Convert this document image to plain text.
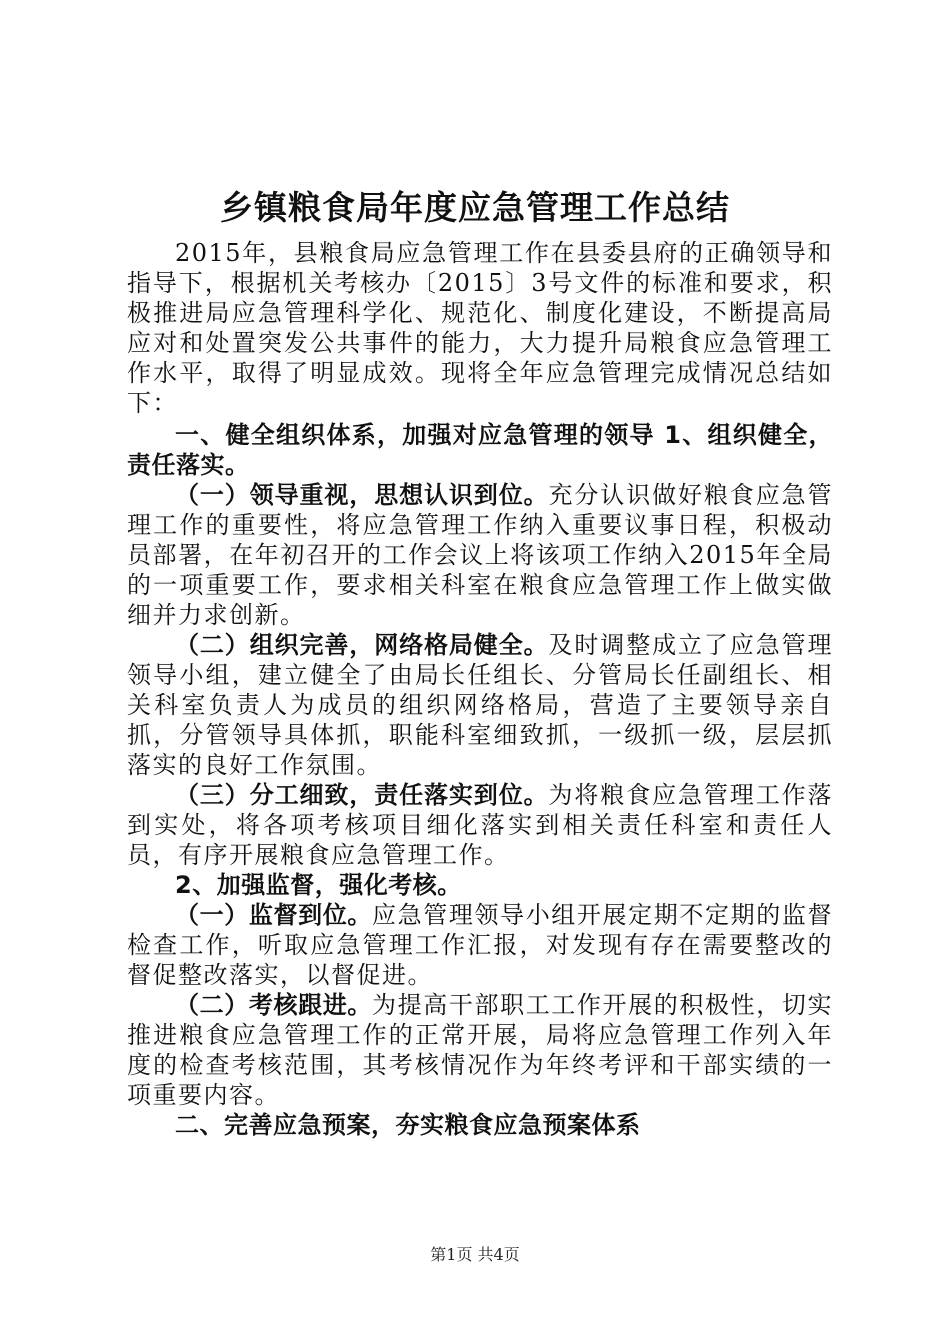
乡镇粮食局年度应急管理工作总结

2015年，县粮食局应急管理工作在县委县府的正确领导和指导下，根据机关考核办〔2015〕3号文件的标准和要求，积极推进局应急管理科学化、规范化、制度化建设，不断提高局应对和处置突发公共事件的能力，大力提升局粮食应急管理工作水平，取得了明显成效。现将全年应急管理完成情况总结如下：

一、健全组织体系，加强对应急管理的领导 1、组织健全，责任落实。

（一）领导重视，思想认识到位。充分认识做好粮食应急管理工作的重要性，将应急管理工作纳入重要议事日程，积极动员部署，在年初召开的工作会议上将该项工作纳入2015年全局的一项重要工作，要求相关科室在粮食应急管理工作上做实做细并力求创新。

（二）组织完善，网络格局健全。及时调整成立了应急管理领导小组，建立健全了由局长任组长、分管局长任副组长、相关科室负责人为成员的组织网络格局，营造了主要领导亲自抓，分管领导具体抓，职能科室细致抓，一级抓一级，层层抓落实的良好工作氛围。

（三）分工细致，责任落实到位。为将粮食应急管理工作落到实处，将各项考核项目细化落实到相关责任科室和责任人员，有序开展粮食应急管理工作。

2、加强监督，强化考核。

（一）监督到位。应急管理领导小组开展定期不定期的监督检查工作，听取应急管理工作汇报，对发现有存在需要整改的督促整改落实，以督促进。

（二）考核跟进。为提高干部职工工作开展的积极性，切实推进粮食应急管理工作的正常开展，局将应急管理工作列入年度的检查考核范围，其考核情况作为年终考评和干部实绩的一项重要内容。

二、完善应急预案，夯实粮食应急预案体系

第1页 共4页
